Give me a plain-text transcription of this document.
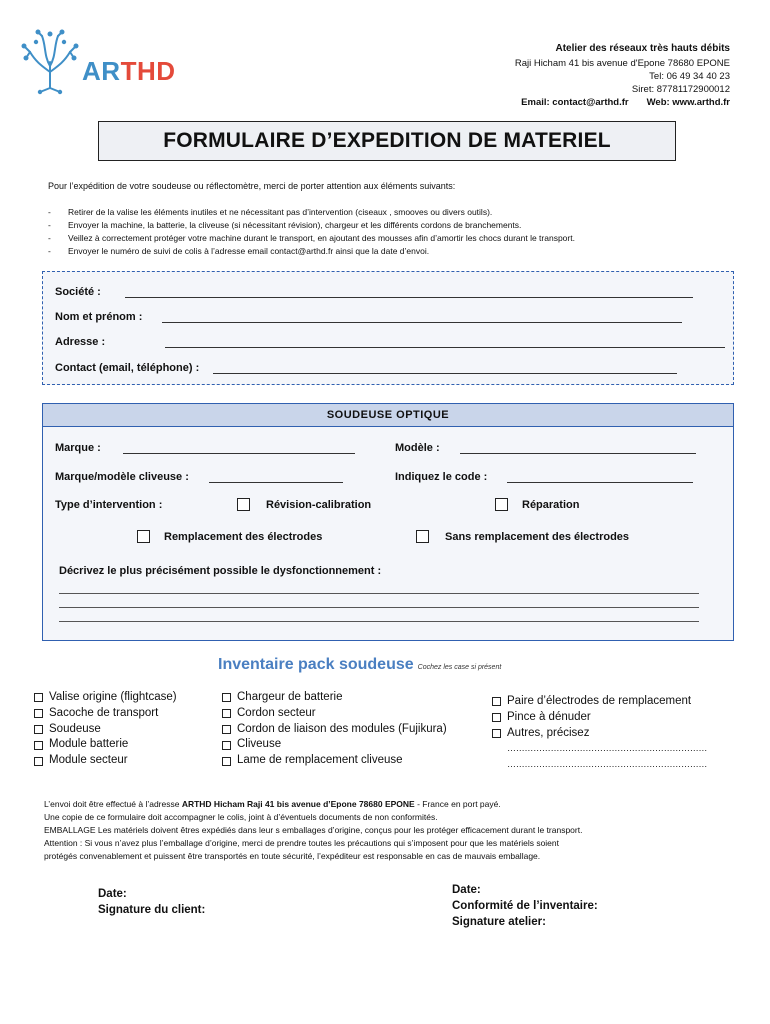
ARTHD
Atelier des réseaux très hauts débits
Raji Hicham 41 bis avenue d'Epone 78680 EPONE
Tel: 06 49 34 40 23
Siret: 87781172900012
Email: contact@arthd.fr Web: www.arthd.fr
FORMULAIRE D’EXPEDITION DE MATERIEL
Pour l’expédition de votre soudeuse ou réflectomètre, merci de porter attention aux éléments suivants:
-	Retirer de la valise les éléments inutiles et ne nécessitant pas d’intervention (ciseaux , smooves ou divers outils).
-	Envoyer la machine, la batterie, la cliveuse (si nécessitant révision), chargeur et les différents cordons de branchements.
-	Veillez à correctement protéger votre machine durant le transport, en ajoutant des mousses afin d’amortir les chocs durant le transport.
-	Envoyer le numéro de suivi de colis à l’adresse email contact@arthd.fr ainsi que la date d’envoi.
Société :
Nom et prénom :
Adresse :
Contact (email, téléphone) :
SOUDEUSE OPTIQUE
Marque :	Modèle :
Marque/modèle cliveuse :	Indiquez le code :
Type d’intervention :	Révision-calibration	Réparation
Remplacement des électrodes	Sans remplacement des électrodes
Décrivez le plus précisément possible le dysfonctionnement :
Inventaire pack soudeuse Cochez les case si présent
Valise origine (flightcase)
Sacoche de transport
Soudeuse
Module batterie
Module secteur
Chargeur de batterie
Cordon secteur
Cordon de liaison des modules (Fujikura)
Cliveuse
Lame de remplacement cliveuse
Paire d’électrodes de remplacement
Pince à dénuder
Autres, précisez
……………………………………………………………
……………………………………………………………
L’envoi doit être effectué à l’adresse ARTHD Hicham Raji 41 bis avenue d’Epone 78680 EPONE - France en port payé.
Une copie de ce formulaire doit accompagner le colis, joint à d’éventuels documents de non conformités.
EMBALLAGE Les matériels doivent êtres expédiés dans leur s emballages d’origine, conçus pour les protéger efficacement durant le transport.
Attention : Si vous n’avez plus l’emballage d’origine, merci de prendre toutes les précautions qui s’imposent pour que les matériels soient
protégés convenablement et puissent être transportés en toute sécurité, l’expéditeur est responsable en cas de mauvais emballage.
Date:
Signature du client:
Date:
Conformité de l’inventaire:
Signature atelier:
